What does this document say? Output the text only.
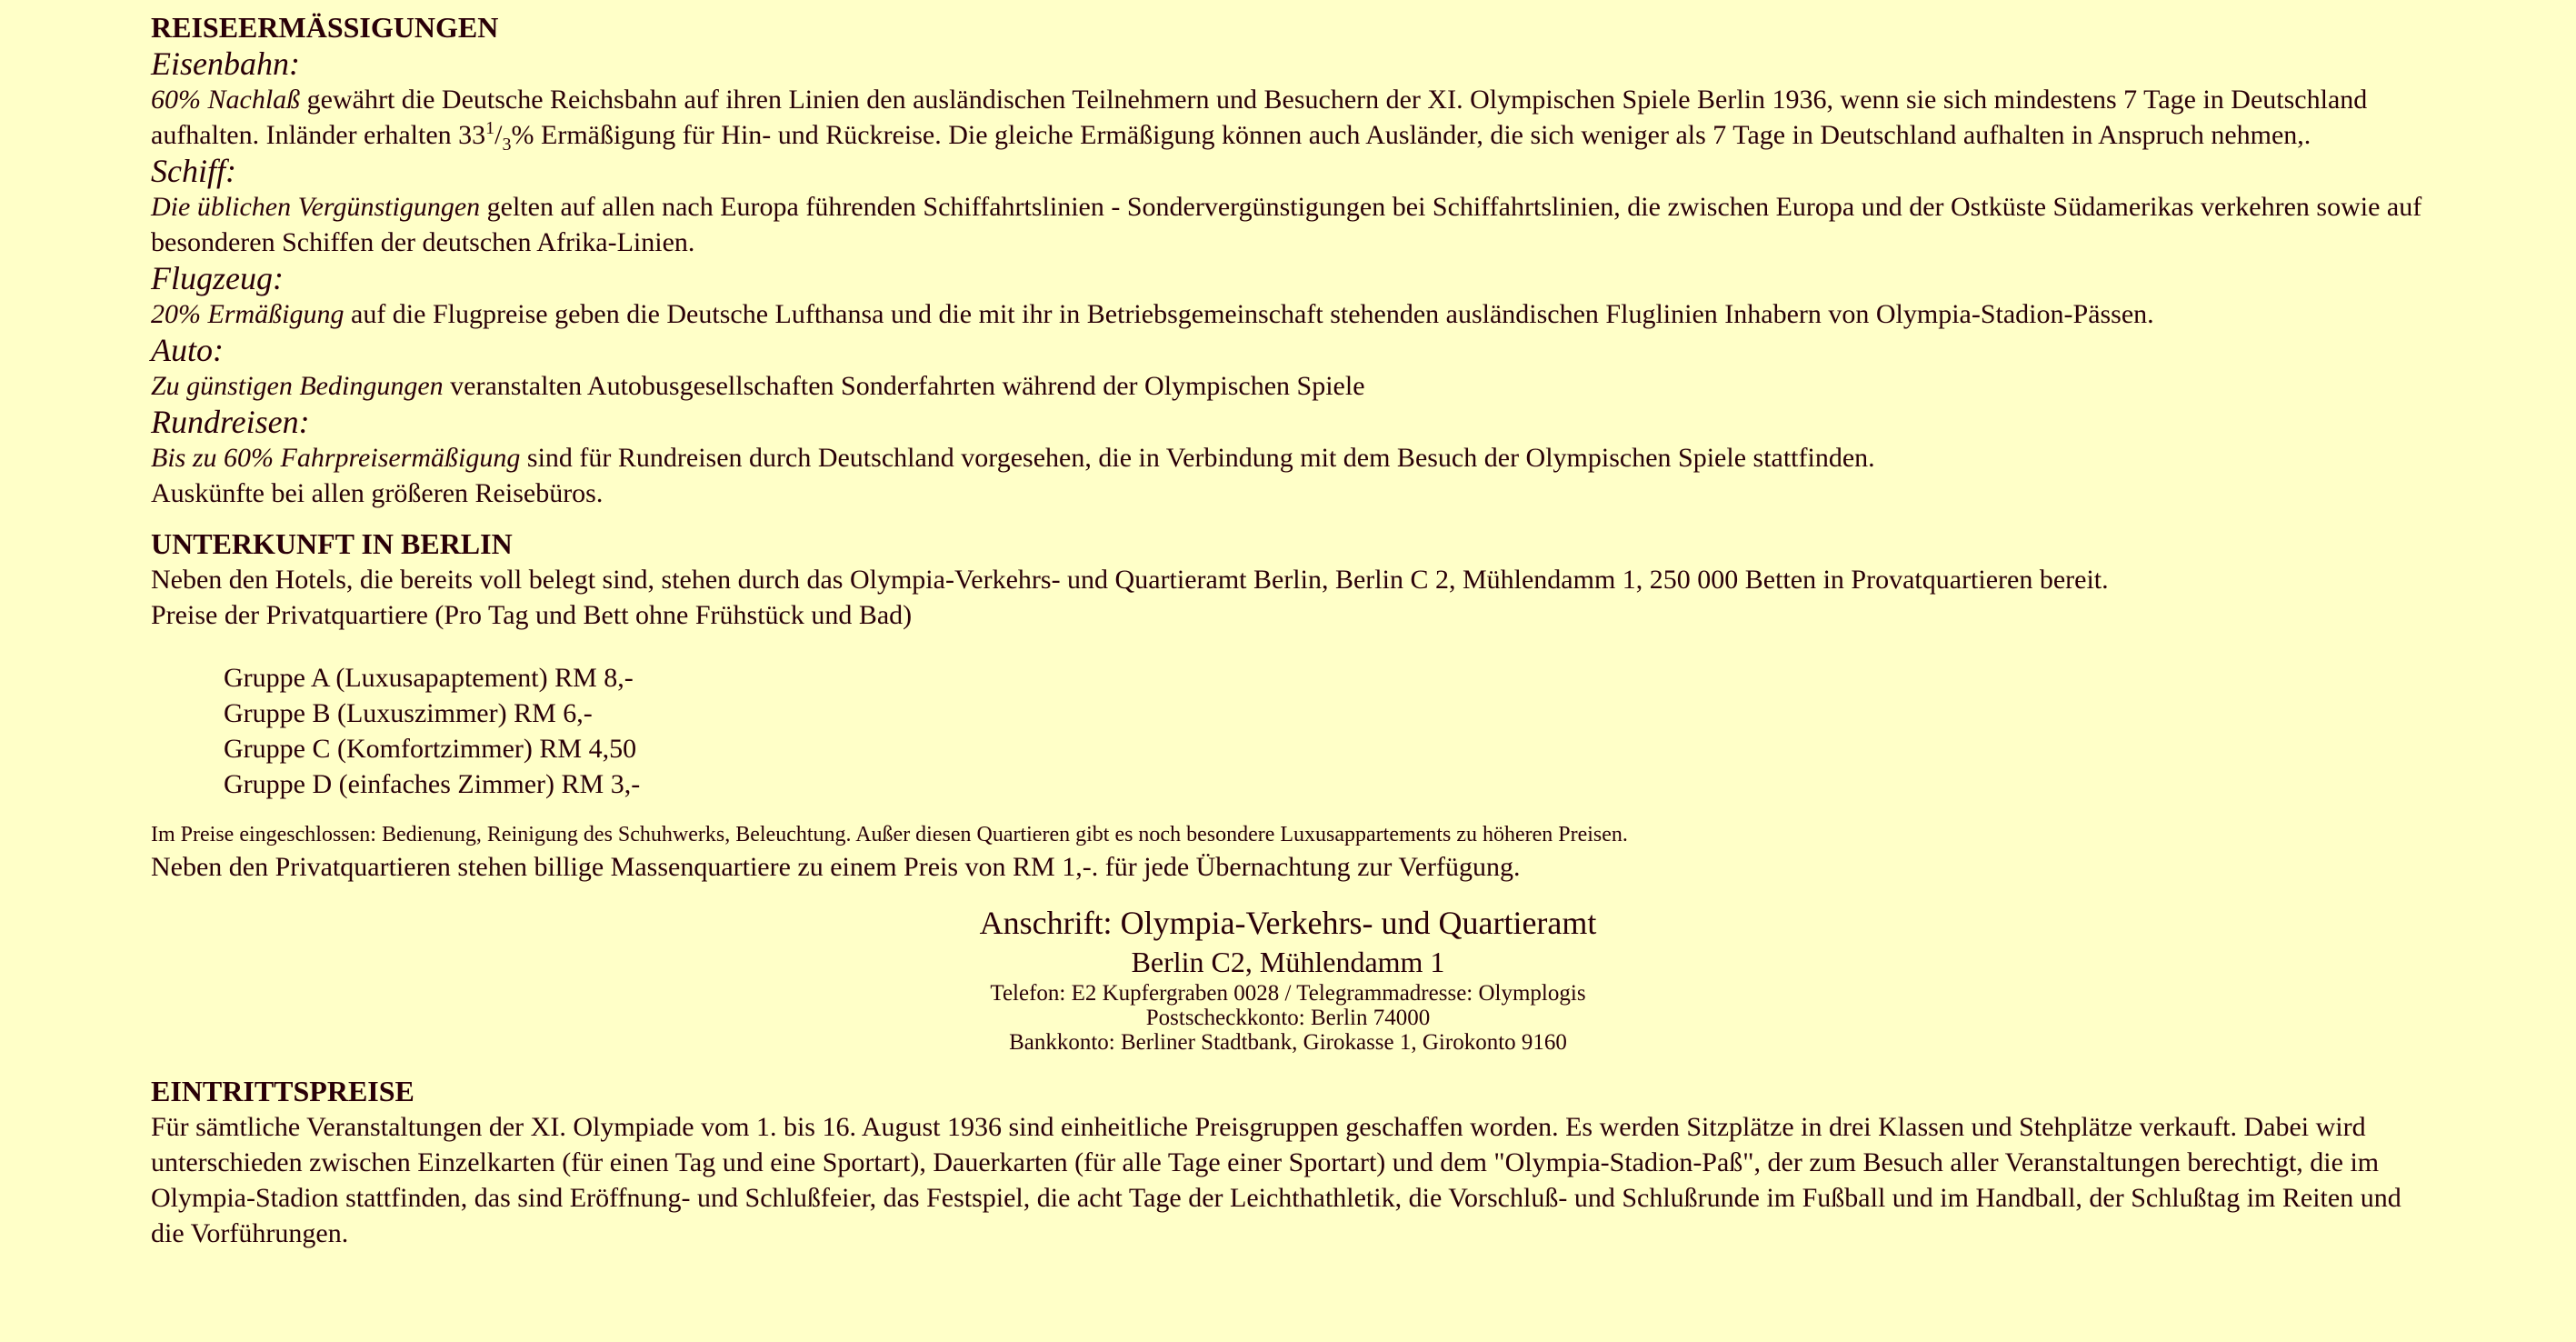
REISEERMÄSSIGUNGEN
Eisenbahn:

60% Nachlaß gewährt die Deutsche Reichsbahn auf ihren Linien den ausländischen Teilnehmern und Besuchern der XI. Olympischen Spiele Berlin 1936, wenn sie sich mindestens 7 Tage in Deutschland aufhalten. Inländer erhalten $33^1/_3\%$ Ermäßigung für Hin- und Rückreise. Die gleiche Ermäßigung können auch Ausländer, die sich weniger als 7 Tage in Deutschland aufhalten in Anspruch nehmen,.

Schiff:

Die üblichen Vergünstigungen gelten auf allen nach Europa führenden Schiffahrtslinien - Sondervergünstigungen bei Schiffahrtslinien, die zwischen Europa und der Ostküste Südamerikas verkehren sowie auf besonderen Schiffen der deutschen Afrika-Linien.

Flugzeug:

20% Ermäßigung auf die Flugpreise geben die Deutsche Lufthansa und die mit ihr in Betriebsgemeinschaft stehenden ausländischen Fluglinien Inhabern von Olympia-Stadion-Pässen.

Auto:

Zu günstigen Bedingungen veranstalten Autobusgesellschaften Sonderfahrten während der Olympischen Spiele

Rundreisen:

Bis zu 60% Fahrpreisermäßigung sind für Rundreisen durch Deutschland vorgesehen, die in Verbindung mit dem Besuch der Olympischen Spiele stattfinden.

Auskünfte bei allen größeren Reisebüros.

UNTERKUNFT IN BERLIN

Neben den Hotels, die bereits voll belegt sind, stehen durch das Olympia-Verkehrs- und Quartieramt Berlin, Berlin C 2, Mühlendamm 1, 250 000 Betten in Provatquartieren bereit.

Preise der Privatquartiere (Pro Tag und Bett ohne Frühstück und Bad)

Gruppe A (Luxusapaptement) RM 8,-

Gruppe B (Luxuszimmer) RM 6,-

Gruppe C (Komfortzimmer) RM 4,50

Gruppe D (einfaches Zimmer) RM 3,-

Im Preise eingeschlossen: Bedienung, Reinigung des Schuhwerks, Beleuchtung. Außer diesen Quartieren gibt es noch besondere Luxusappartements zu höheren Preisen.

Neben den Privatquartieren stehen billige Massenquartiere zu einem Preis von RM 1,-. für jede Übernachtung zur Verfügung.

Anschrift: Olympia-Verkehrs- und Quartieramt
Berlin C2, Mühlendamm 1
Telefon: E2 Kupfergraben 0028 / Telegrammadresse: Olymplogis
Postscheckkonto: Berlin 74000
Bankkonto: Berliner Stadtbank, Girokasse 1, Girokonto 9160
EINTRITTSPREISE

Für sämtliche Veranstaltungen der XI. Olympiade vom 1. bis 16. August 1936 sind einheitliche Preisgruppen geschaffen worden. Es werden Sitzplätze in drei Klassen und Stehplätze verkauft. Dabei wird unterschieden zwischen Einzelkarten (für einen Tag und eine Sportart), Dauerkarten (für alle Tage einer Sportart) und dem "Olympia-Stadion-Paß", der zum Besuch aller Veranstaltungen berechtigt, die im Olympia-Stadion stattfinden, das sind Eröffnung- und Schlußfeier, das Festspiel, die acht Tage der Leichthathletik, die Vorschluß- und Schlußrunde im Fußball und im Handball, der Schlußtag im Reiten und die Vorführungen.
